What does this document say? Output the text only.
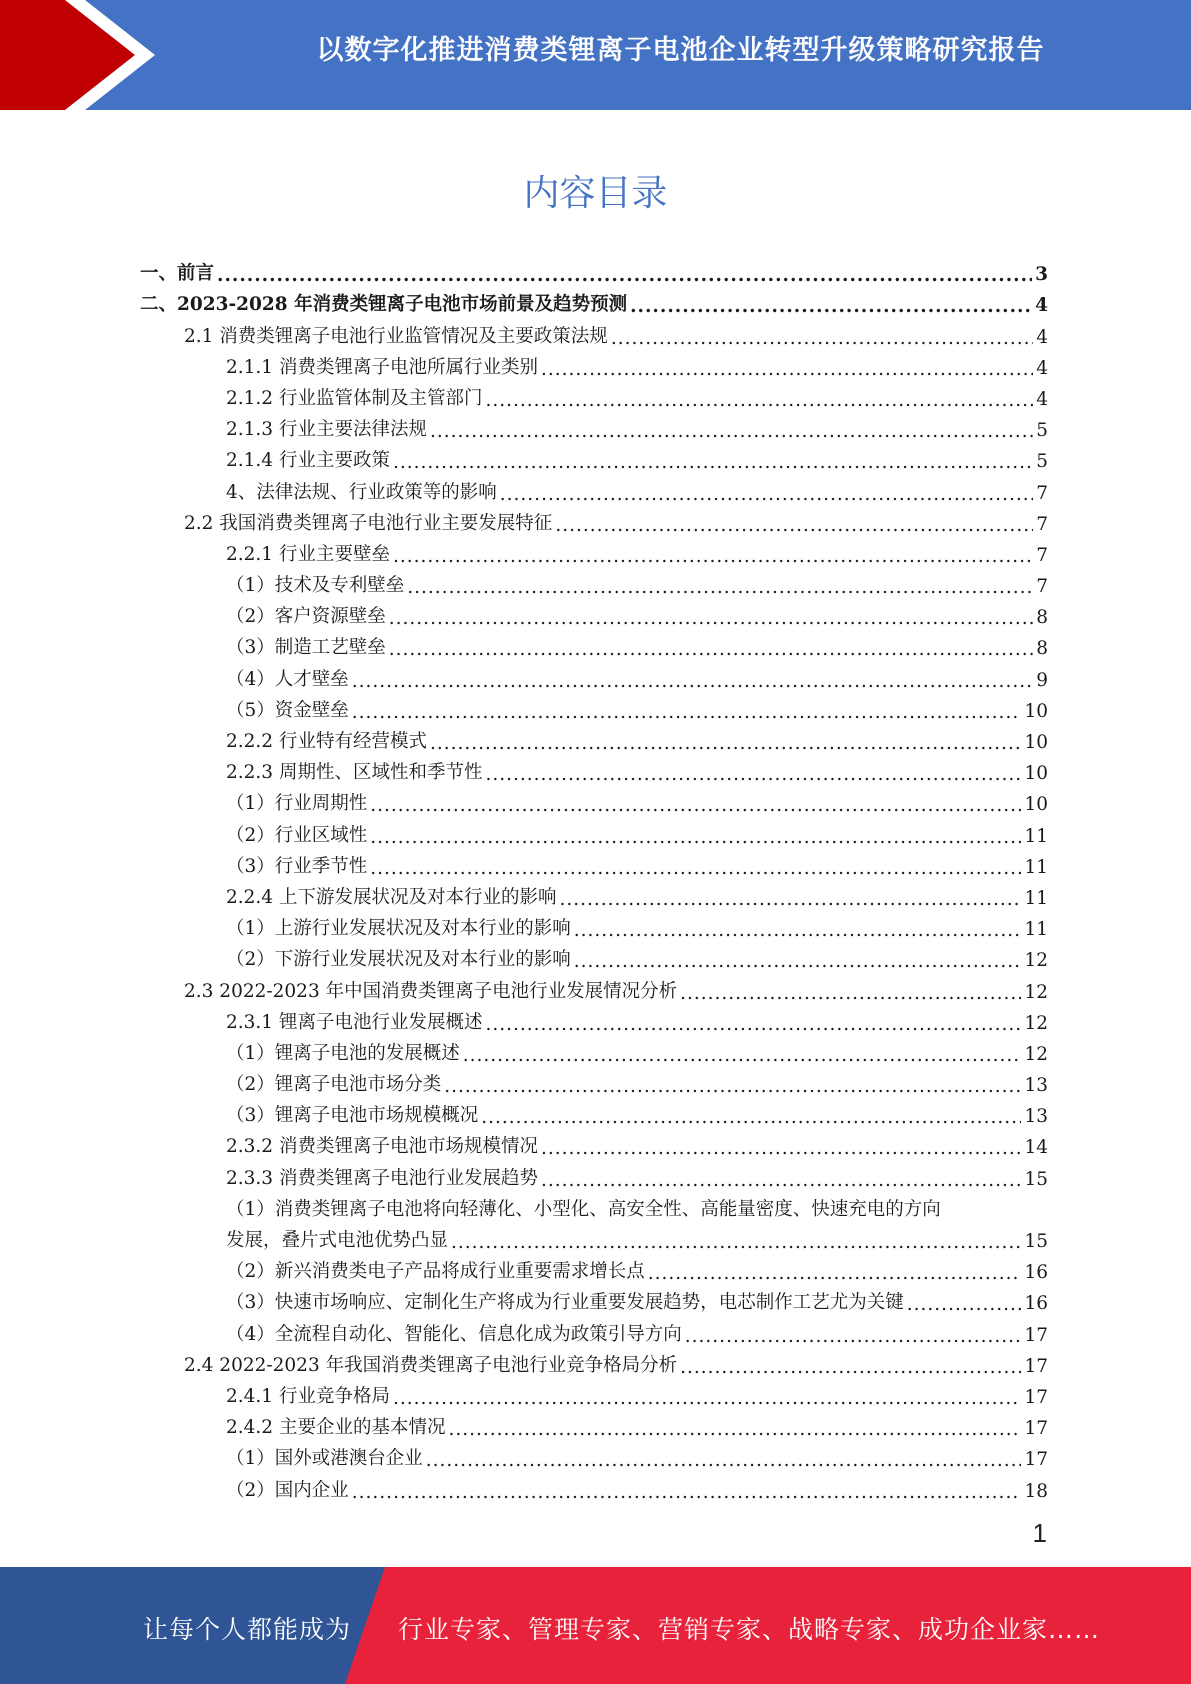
以数字化推进消费类锂离子电池企业转型升级策略研究报告
内容目录
一、前言 .....	3
二、2023-2028 年消费类锂离子电池市场前景及趋势预测 .....	4
2.1 消费类锂离子电池行业监管情况及主要政策法规 .....	4
2.1.1 消费类锂离子电池所属行业类别 .....	4
2.1.2 行业监管体制及主管部门 .....	4
2.1.3 行业主要法律法规 .....	5
2.1.4 行业主要政策 .....	5
4、法律法规、行业政策等的影响 .....	7
2.2 我国消费类锂离子电池行业主要发展特征 .....	7
2.2.1 行业主要壁垒 .....	7
（1）技术及专利壁垒 .....	7
（2）客户资源壁垒 .....	8
（3）制造工艺壁垒 .....	8
（4）人才壁垒 .....	9
（5）资金壁垒 .....	10
2.2.2 行业特有经营模式 .....	10
2.2.3 周期性、区域性和季节性 .....	10
（1）行业周期性 .....	10
（2）行业区域性 .....	11
（3）行业季节性 .....	11
2.2.4 上下游发展状况及对本行业的影响 .....	11
（1）上游行业发展状况及对本行业的影响 .....	11
（2）下游行业发展状况及对本行业的影响 .....	12
2.3 2022-2023 年中国消费类锂离子电池行业发展情况分析 .....	12
2.3.1 锂离子电池行业发展概述 .....	12
（1）锂离子电池的发展概述 .....	12
（2）锂离子电池市场分类 .....	13
（3）锂离子电池市场规模概况 .....	13
2.3.2 消费类锂离子电池市场规模情况 .....	14
2.3.3 消费类锂离子电池行业发展趋势 .....	15
（1）消费类锂离子电池将向轻薄化、小型化、高安全性、高能量密度、快速充电的方向
发展，叠片式电池优势凸显 .....	15
（2）新兴消费类电子产品将成行业重要需求增长点 .....	16
（3）快速市场响应、定制化生产将成为行业重要发展趋势，电芯制作工艺尤为关键 .....	16
（4）全流程自动化、智能化、信息化成为政策引导方向 .....	17
2.4 2022-2023 年我国消费类锂离子电池行业竞争格局分析 .....	17
2.4.1 行业竞争格局 .....	17
2.4.2 主要企业的基本情况 .....	17
（1）国外或港澳台企业 .....	17
（2）国内企业 .....	18
1
让每个人都能成为 行业专家、管理专家、营销专家、战略专家、成功企业家……
